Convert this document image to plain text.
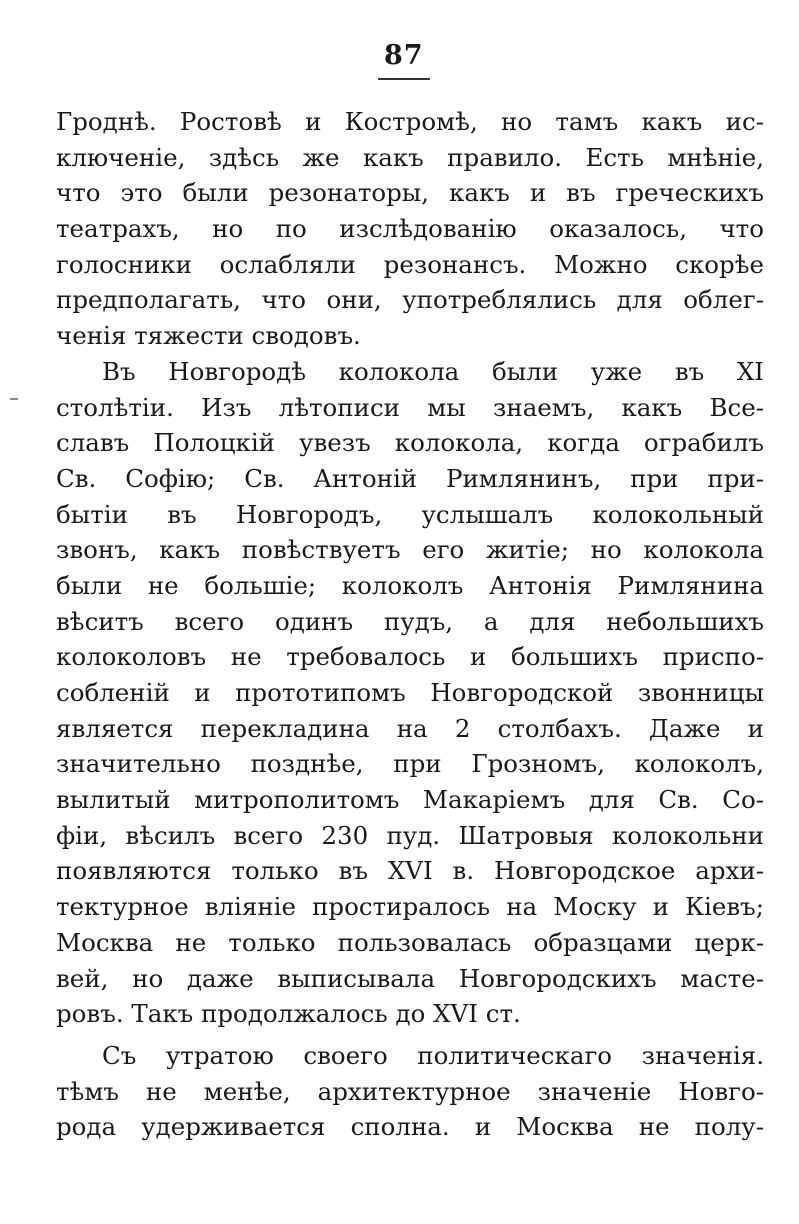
87
Гроднѣ. Ростовѣ и Костромѣ, но тамъ какъ ис-
ключеніе, здѣсь же какъ правило. Есть мнѣніе,
что это были резонаторы, какъ и въ греческихъ
театрахъ, но по изслѣдованію оказалось, что
голосники ослабляли резонансъ. Можно скорѣе
предполагать, что они, употреблялись для облег-
ченія тяжести сводовъ.
Въ Новгородѣ колокола были уже въ XI
столѣтіи. Изъ лѣтописи мы знаемъ, какъ Все-
славъ Полоцкій увезъ колокола, когда ограбилъ
Св. Софію; Св. Антоній Римлянинъ, при при-
бытіи въ Новгородъ, услышалъ колокольный
звонъ, какъ повѣствуетъ его житіе; но колокола
были не большіе; колоколъ Антонія Римлянина
вѣситъ всего одинъ пудъ, а для небольшихъ
колоколовъ не требовалось и большихъ приспо-
собленій и прототипомъ Новгородской звонницы
является перекладина на 2 столбахъ. Даже и
значительно позднѣе, при Грозномъ, колоколъ,
вылитый митрополитомъ Макаріемъ для Св. Со-
фіи, вѣсилъ всего 230 пуд. Шатровыя колокольни
появляются только въ XVI в. Новгородское архи-
тектурное вліяніе простиралось на Моску и Кіевъ;
Москва не только пользовалась образцами церк-
вей, но даже выписывала Новгородскихъ масте-
ровъ. Такъ продолжалось до XVI ст.
Съ утратою своего политическаго значенія.
тѣмъ не менѣе, архитектурное значеніе Новго-
рода удерживается сполна. и Москва не полу-
